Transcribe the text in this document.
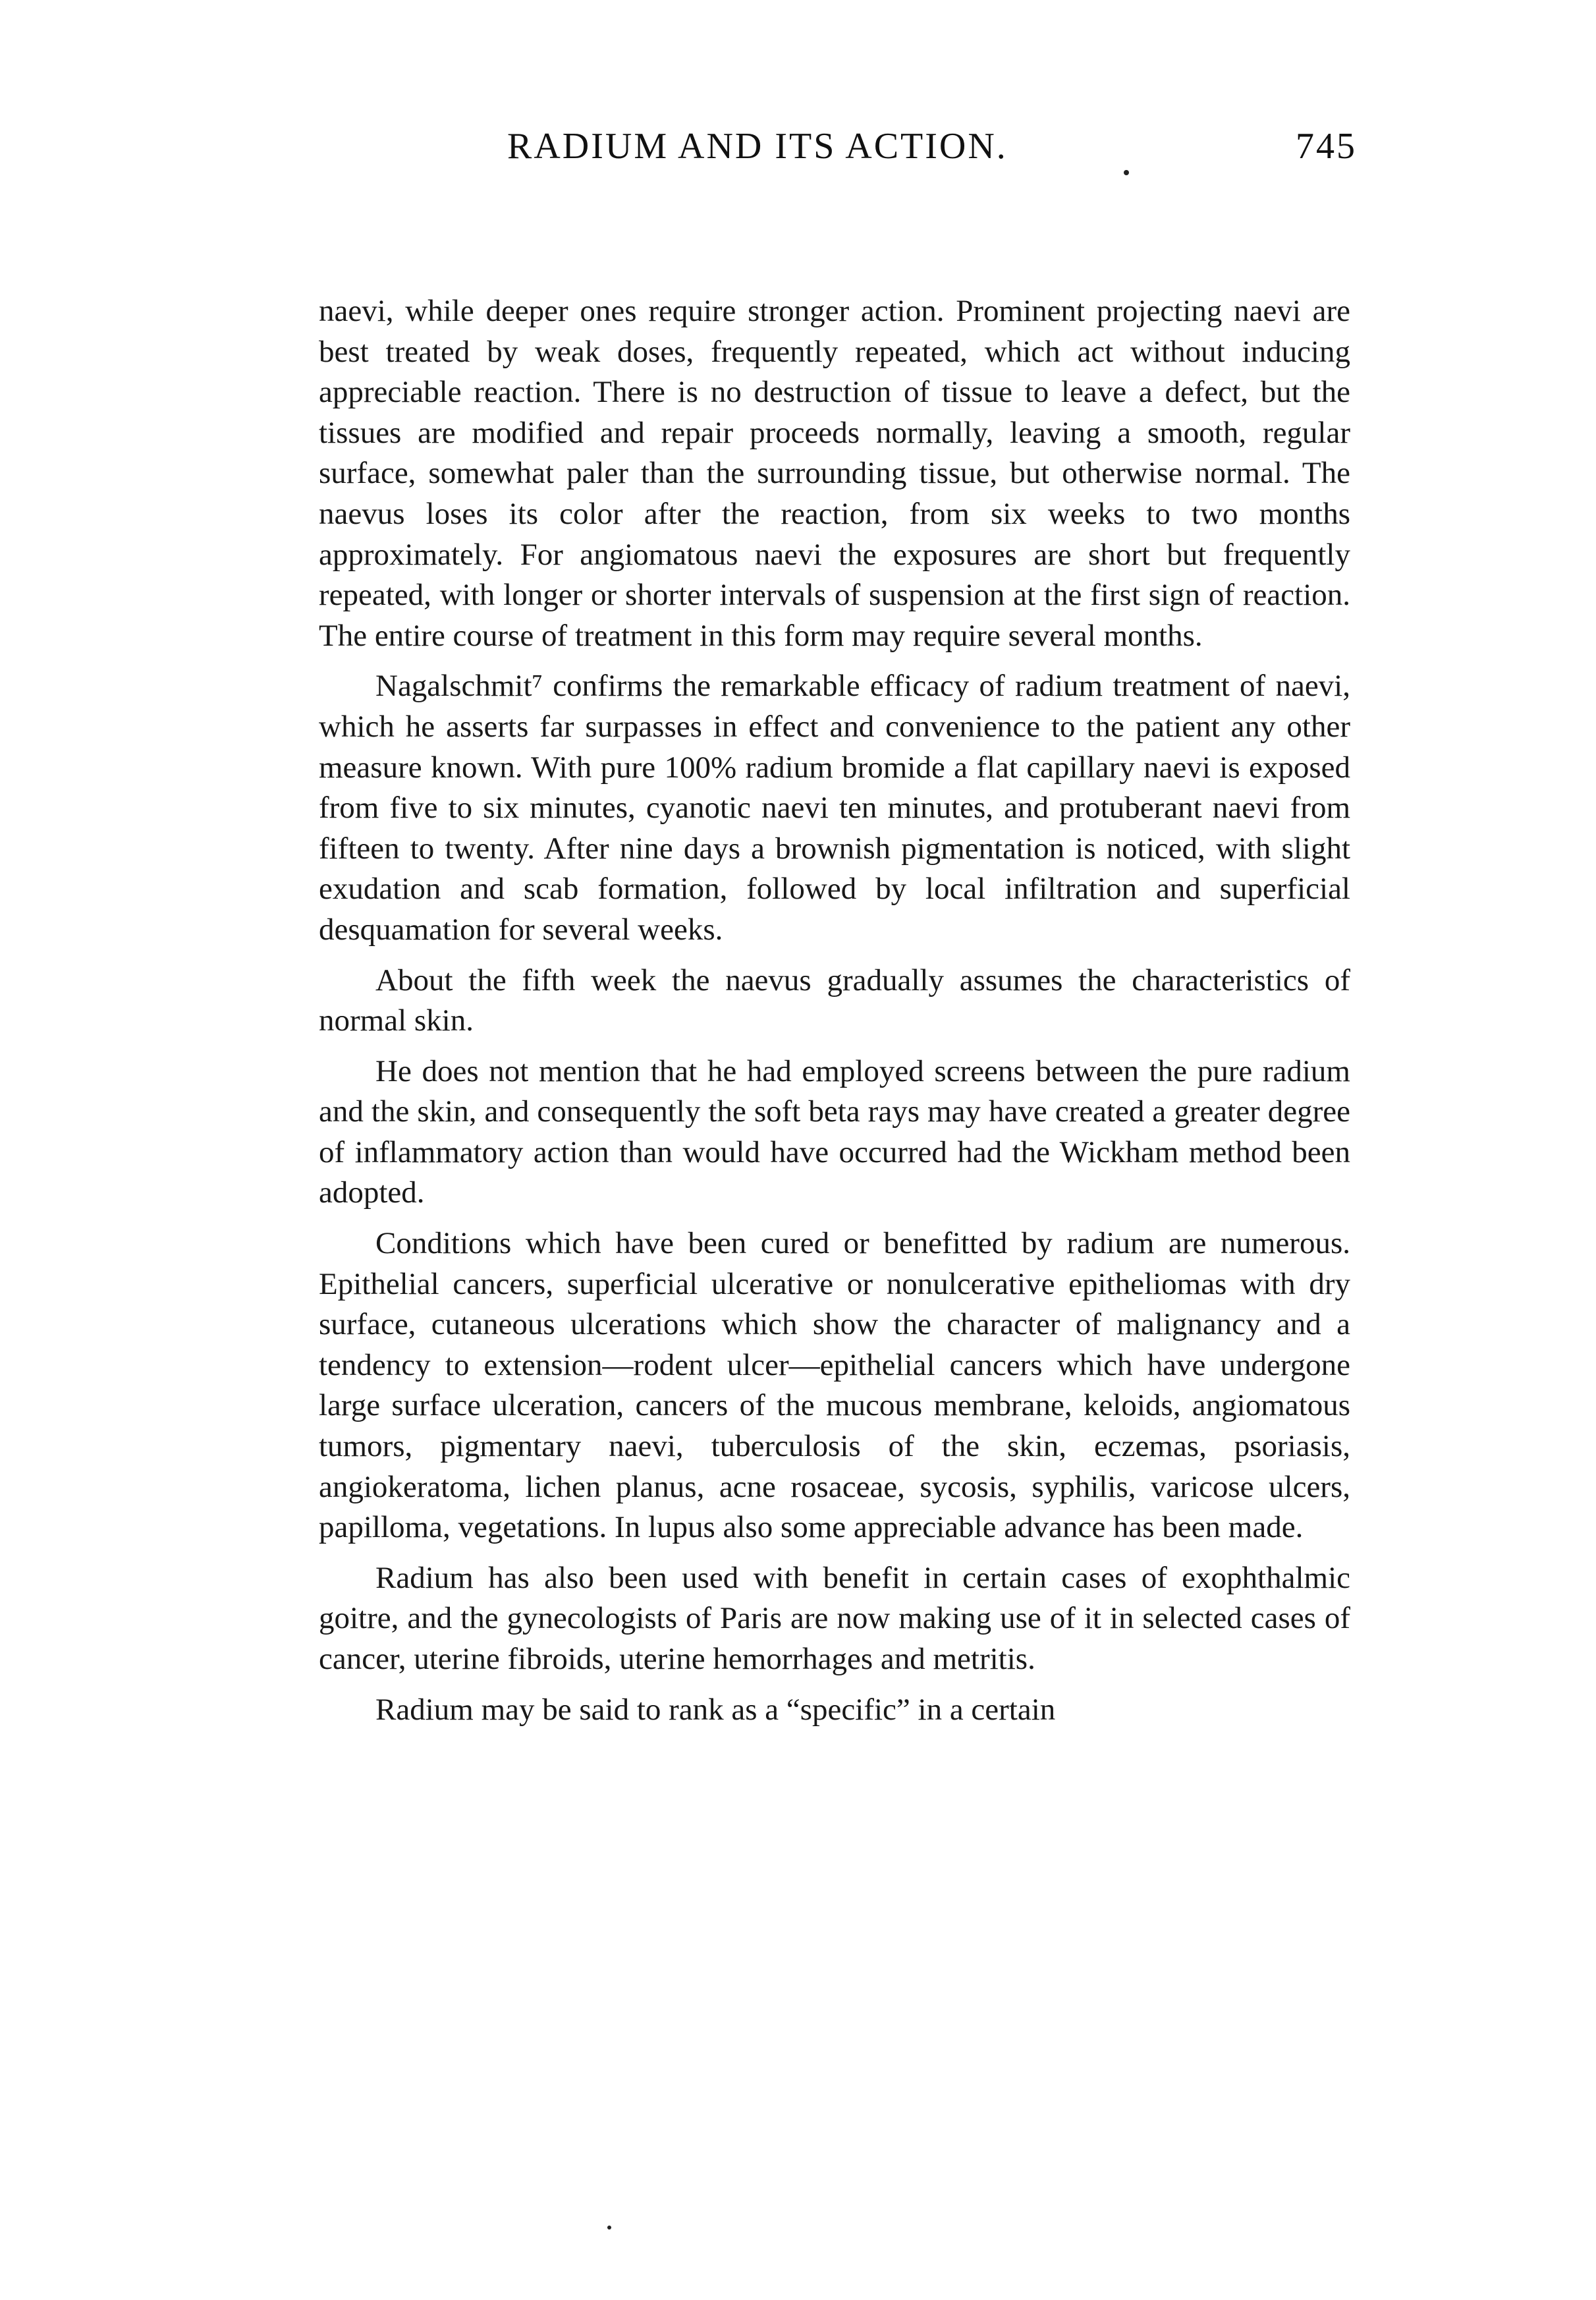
RADIUM AND ITS ACTION.	745

naevi, while deeper ones require stronger action. Prominent projecting naevi are best treated by weak doses, frequently repeated, which act without inducing appreciable reaction. There is no destruction of tissue to leave a defect, but the tissues are modified and repair proceeds normally, leaving a smooth, regular surface, somewhat paler than the surrounding tissue, but otherwise normal. The naevus loses its color after the reaction, from six weeks to two months approximately. For angiomatous naevi the exposures are short but frequently repeated, with longer or shorter intervals of suspension at the first sign of reaction. The entire course of treatment in this form may require several months.

Nagalschmit⁷ confirms the remarkable efficacy of radium treatment of naevi, which he asserts far surpasses in effect and convenience to the patient any other measure known. With pure 100% radium bromide a flat capillary naevi is exposed from five to six minutes, cyanotic naevi ten minutes, and protuberant naevi from fifteen to twenty. After nine days a brownish pigmentation is noticed, with slight exudation and scab formation, followed by local infiltration and superficial desquamation for several weeks.

About the fifth week the naevus gradually assumes the characteristics of normal skin.

He does not mention that he had employed screens between the pure radium and the skin, and consequently the soft beta rays may have created a greater degree of inflammatory action than would have occurred had the Wickham method been adopted.

Conditions which have been cured or benefitted by radium are numerous. Epithelial cancers, superficial ulcerative or nonulcerative epitheliomas with dry surface, cutaneous ulcerations which show the character of malignancy and a tendency to extension—rodent ulcer—epithelial cancers which have undergone large surface ulceration, cancers of the mucous membrane, keloids, angiomatous tumors, pigmentary naevi, tuberculosis of the skin, eczemas, psoriasis, angiokeratoma, lichen planus, acne rosaceae, sycosis, syphilis, varicose ulcers, papilloma, vegetations. In lupus also some appreciable advance has been made.

Radium has also been used with benefit in certain cases of exophthalmic goitre, and the gynecologists of Paris are now making use of it in selected cases of cancer, uterine fibroids, uterine hemorrhages and metritis.

Radium may be said to rank as a “specific” in a certain
